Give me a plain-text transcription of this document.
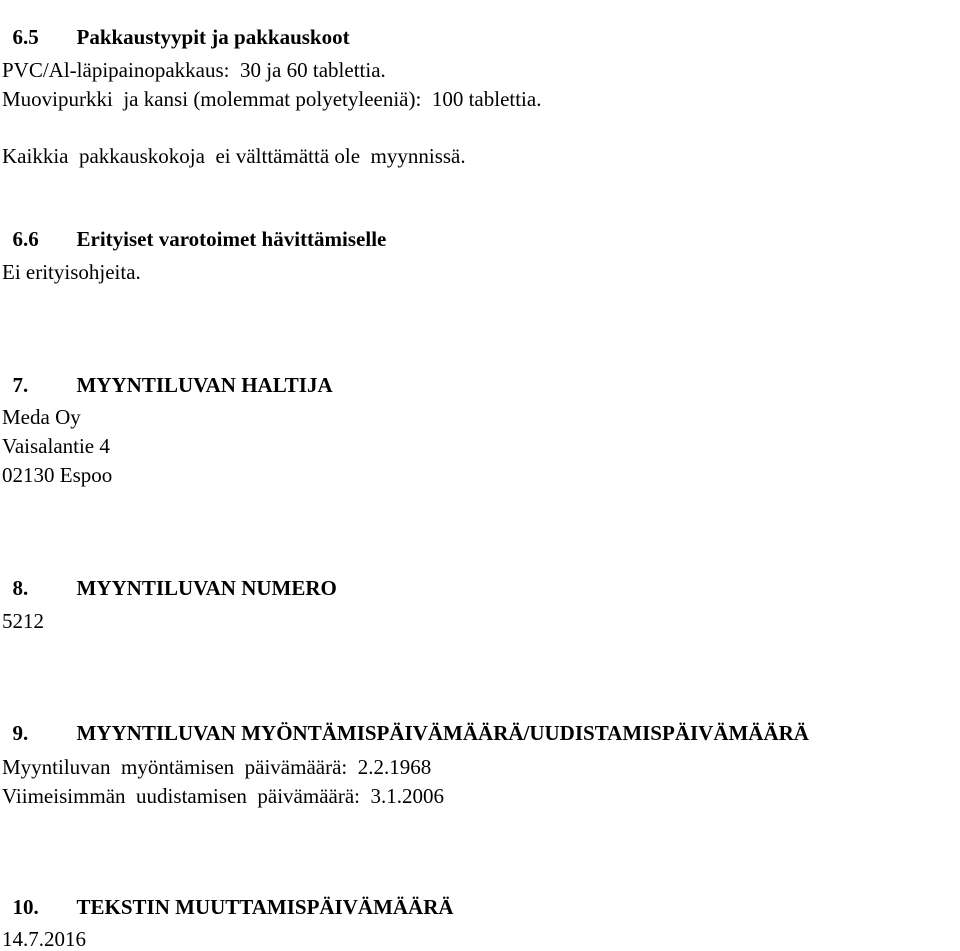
6.5 Pakkaustyypit ja pakkauskoot

PVC/Al-läpipainopakkaus:  30 ja 60 tablettia.

Muovipurkki  ja kansi (molemmat polyetyleeniä):  100 tablettia.

Kaikkia  pakkauskokoja  ei välttämättä ole  myynnissä.

6.6 Erityiset varotoimet hävittämiselle

Ei erityisohjeita.

7. MYYNTILUVAN HALTIJA

Meda Oy

Vaisalantie 4

02130 Espoo

8. MYYNTILUVAN NUMERO

5212

9. MYYNTILUVAN MYÖNTÄMISPÄIVÄMÄÄRÄ/UUDISTAMISPÄIVÄMÄÄRÄ

Myyntiluvan  myöntämisen  päivämäärä:  2.2.1968

Viimeisimmän  uudistamisen  päivämäärä:  3.1.2006

10. TEKSTIN MUUTTAMISPÄIVÄMÄÄRÄ

14.7.2016
